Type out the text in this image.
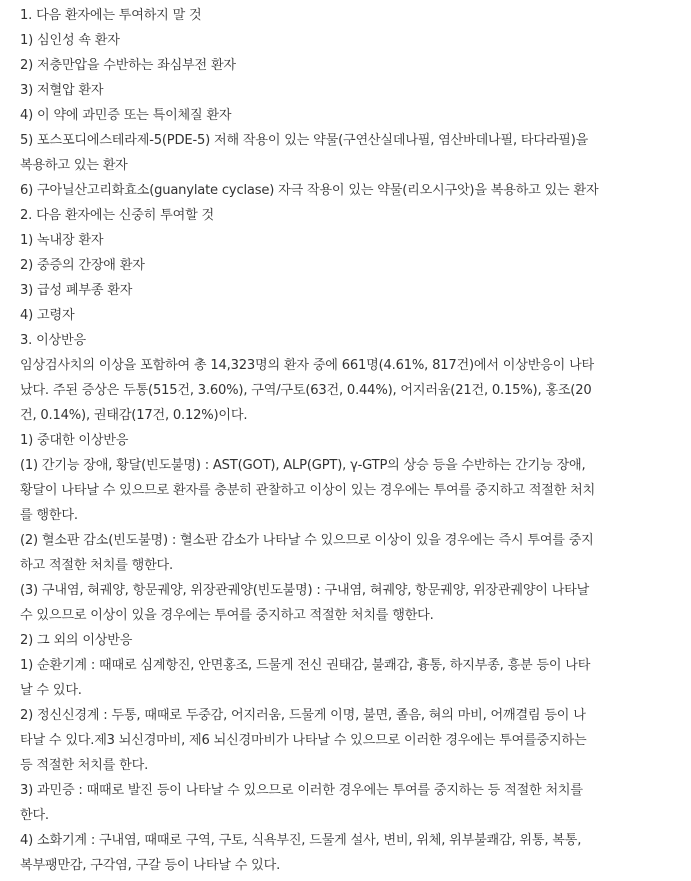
1. 다음 환자에는 투여하지 말 것
1) 심인성 쇽 환자
2) 저충만압을 수반하는 좌심부전 환자
3) 저혈압 환자
4) 이 약에 과민증 또는 특이체질 환자
5) 포스포디에스테라제-5(PDE-5) 저해 작용이 있는 약물(구연산실데나필, 염산바데나필, 타다라필)을
복용하고 있는 환자
6) 구아닐산고리화효소(guanylate cyclase) 자극 작용이 있는 약물(리오시구앗)을 복용하고 있는 환자
2. 다음 환자에는 신중히 투여할 것
1) 녹내장 환자
2) 중증의 간장애 환자
3) 급성 폐부종 환자
4) 고령자
3. 이상반응
임상검사치의 이상을 포함하여 총 14,323명의 환자 중에 661명(4.61%, 817건)에서 이상반응이 나타
났다. 주된 증상은 두통(515건, 3.60%), 구역/구토(63건, 0.44%), 어지러움(21건, 0.15%), 홍조(20
건, 0.14%), 권태감(17건, 0.12%)이다.
1) 중대한 이상반응
(1) 간기능 장애, 황달(빈도불명) : AST(GOT), ALP(GPT), γ-GTP의 상승 등을 수반하는 간기능 장애,
황달이 나타날 수 있으므로 환자를 충분히 관찰하고 이상이 있는 경우에는 투여를 중지하고 적절한 처치
를 행한다.
(2) 혈소판 감소(빈도불명) : 혈소판 감소가 나타날 수 있으므로 이상이 있을 경우에는 즉시 투여를 중지
하고 적절한 처치를 행한다.
(3) 구내염, 혀궤양, 항문궤양, 위장관궤양(빈도불명) : 구내염, 혀궤양, 항문궤양, 위장관궤양이 나타날
수 있으므로 이상이 있을 경우에는 투여를 중지하고 적절한 처치를 행한다.
2) 그 외의 이상반응
1) 순환기계 : 때때로 심계항진, 안면홍조, 드물게 전신 권태감, 불쾌감, 흉통, 하지부종, 흥분 등이 나타
날 수 있다.
2) 정신신경계 : 두통, 때때로 두중감, 어지러움, 드물게 이명, 불면, 졸음, 혀의 마비, 어깨결림 등이 나
타날 수 있다.제3 뇌신경마비, 제6 뇌신경마비가 나타날 수 있으므로 이러한 경우에는 투여를중지하는
등 적절한 처치를 한다.
3) 과민증 : 때때로 발진 등이 나타날 수 있으므로 이러한 경우에는 투여를 중지하는 등 적절한 처치를
한다.
4) 소화기계 : 구내염, 때때로 구역, 구토, 식욕부진, 드물게 설사, 변비, 위체, 위부불쾌감, 위통, 복통,
복부팽만감, 구각염, 구갈 등이 나타날 수 있다.
